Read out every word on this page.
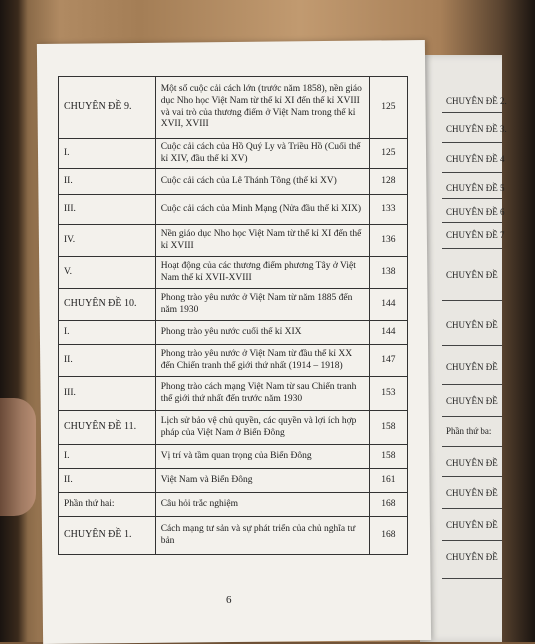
CHUYÊN ĐỀ 9.	Một số cuộc cải cách lớn (trước năm 1858), nền giáo dục Nho học Việt Nam từ thế kỉ XI đến thế kỉ XVIII và vai trò của thương điếm ở Việt Nam trong thế kỉ XVII, XVIII	125
I.	Cuộc cải cách của Hồ Quý Ly và Triều Hồ (Cuối thế kỉ XIV, đầu thế kỉ XV)	125
II.	Cuộc cải cách của Lê Thánh Tông (thế kỉ XV)	128
III.	Cuộc cải cách của Minh Mạng (Nửa đầu thế kỉ XIX)	133
IV.	Nền giáo dục Nho học Việt Nam từ thế kỉ XI đến thế kỉ XVIII	136
V.	Hoạt động của các thương điếm phương Tây ở Việt Nam thế kỉ XVII-XVIII	138
CHUYÊN ĐỀ 10.	Phong trào yêu nước ở Việt Nam từ năm 1885 đến năm 1930	144
I.	Phong trào yêu nước cuối thế kỉ XIX	144
II.	Phong trào yêu nước ở Việt Nam từ đầu thế kỉ XX đến Chiến tranh thế giới thứ nhất (1914 – 1918)	147
III.	Phong trào cách mạng Việt Nam từ sau Chiến tranh thế giới thứ nhất đến trước năm 1930	153
CHUYÊN ĐỀ 11.	Lịch sử bảo vệ chủ quyền, các quyền và lợi ích hợp pháp của Việt Nam ở Biển Đông	158
I.	Vị trí và tầm quan trọng của Biển Đông	158
II.	Việt Nam và Biển Đông	161
Phần thứ hai:	Câu hỏi trắc nghiệm	168
CHUYÊN ĐỀ 1.	Cách mạng tư sản và sự phát triển của chủ nghĩa tư bản	168
6
CHUYÊN ĐỀ 2.
CHUYÊN ĐỀ 3.
CHUYÊN ĐỀ 4
CHUYÊN ĐỀ 5
CHUYÊN ĐỀ 6
CHUYÊN ĐỀ 7
CHUYÊN ĐỀ
CHUYÊN ĐỀ
CHUYÊN ĐỀ
CHUYÊN ĐỀ
Phần thứ ba:
CHUYÊN ĐỀ
CHUYÊN ĐỀ
CHUYÊN ĐỀ
CHUYÊN ĐỀ
